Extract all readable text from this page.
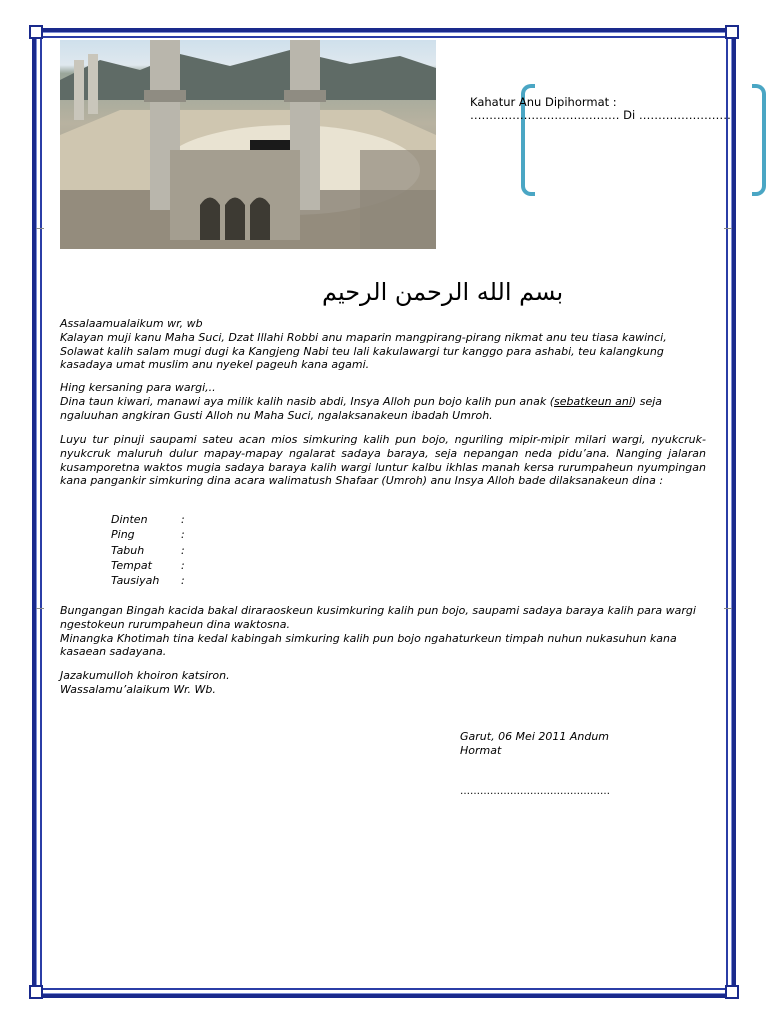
Kahatur Anu Dipihormat :
………………………………… Di ……………………
بسم الله الرحمن الرحيم
Assalaamualaikum wr, wb
Kalayan muji kanu Maha Suci, Dzat Illahi Robbi anu maparin mangpirang-pirang nikmat anu teu tiasa kawinci, Solawat kalih salam mugi dugi ka Kangjeng Nabi teu lali kakulawargi tur kanggo para ashabi, teu kalangkung kasadaya umat muslim anu nyekel pageuh kana agami.
Hing kersaning para wargi,..
Dina taun kiwari, manawi aya milik kalih nasib abdi, Insya Alloh pun bojo kalih pun anak (sebatkeun ani) seja ngaluuhan angkiran Gusti Alloh nu Maha Suci, ngalaksanakeun ibadah Umroh.
Luyu tur pinuji saupami sateu acan mios simkuring kalih pun bojo, nguriling mipir-mipir milari wargi, nyukcruk-nyukcruk maluruh dulur mapay-mapay ngalarat sadaya baraya, seja nepangan neda pidu’ana. Nanging jalaran kusamporetna waktos mugia sadaya baraya kalih wargi luntur kalbu ikhlas manah kersa rurumpaheun nyumpingan kana pangankir simkuring dina acara walimatush Shafaar (Umroh) anu Insya Alloh bade dilaksanakeun dina :
Dinten	:
Ping	:
Tabuh	:
Tempat	:
Tausiyah	:
Bungangan Bingah kacida bakal diraraoskeun kusimkuring kalih pun bojo, saupami sadaya baraya kalih para wargi ngestokeun rurumpaheun dina waktosna.
Minangka Khotimah tina kedal kabingah simkuring kalih pun bojo ngahaturkeun timpah nuhun nukasuhun kana kasaean sadayana.
Jazakumulloh khoiron katsiron.
Wassalamu’alaikum Wr. Wb.
Garut, 06 Mei 2011 Andum
Hormat
………………………………………
